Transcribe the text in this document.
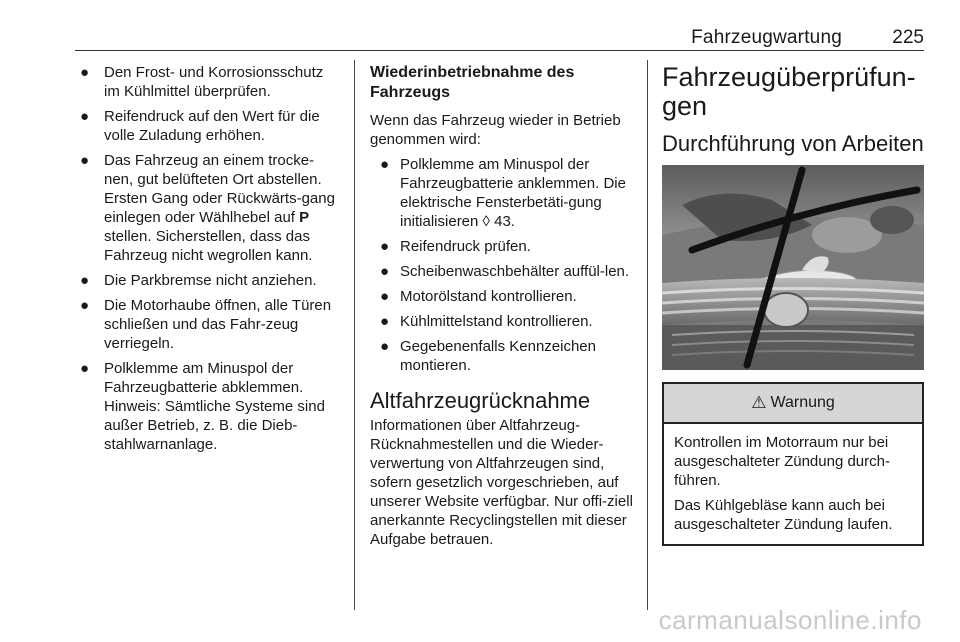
Fahrzeugwartung	225
● Den Frost- und Korrosionsschutz im Kühlmittel überprüfen.
● Reifendruck auf den Wert für die volle Zuladung erhöhen.
● Das Fahrzeug an einem trocke-nen, gut belüfteten Ort abstellen. Ersten Gang oder Rückwärts-gang einlegen oder Wählhebel auf P stellen. Sicherstellen, dass das Fahrzeug nicht wegrollen kann.
● Die Parkbremse nicht anziehen.
● Die Motorhaube öffnen, alle Türen schließen und das Fahr-zeug verriegeln.
● Polklemme am Minuspol der Fahrzeugbatterie abklemmen. Hinweis: Sämtliche Systeme sind außer Betrieb, z. B. die Dieb-stahlwarnanlage.
Wiederinbetriebnahme des Fahrzeugs

Wenn das Fahrzeug wieder in Betrieb genommen wird:

● Polklemme am Minuspol der Fahrzeugbatterie anklemmen. Die elektrische Fensterbetäti-gung initialisieren ◊ 43.
● Reifendruck prüfen.
● Scheibenwaschbehälter auffül-len.
● Motorölstand kontrollieren.
● Kühlmittelstand kontrollieren.
● Gegebenenfalls Kennzeichen montieren.
Altfahrzeugrücknahme

Informationen über Altfahrzeug-Rücknahmestellen und die Wieder-verwertung von Altfahrzeugen sind, sofern gesetzlich vorgeschrieben, auf unserer Website verfügbar. Nur offi-ziell anerkannte Recyclingstellen mit dieser Aufgabe betrauen.

Fahrzeugüberprüfun-gen
Durchführung von Arbeiten
⚠ Warnung

Kontrollen im Motorraum nur bei ausgeschalteter Zündung durch-führen.

Das Kühlgebläse kann auch bei ausgeschalteter Zündung laufen.

carmanualsonline.info
